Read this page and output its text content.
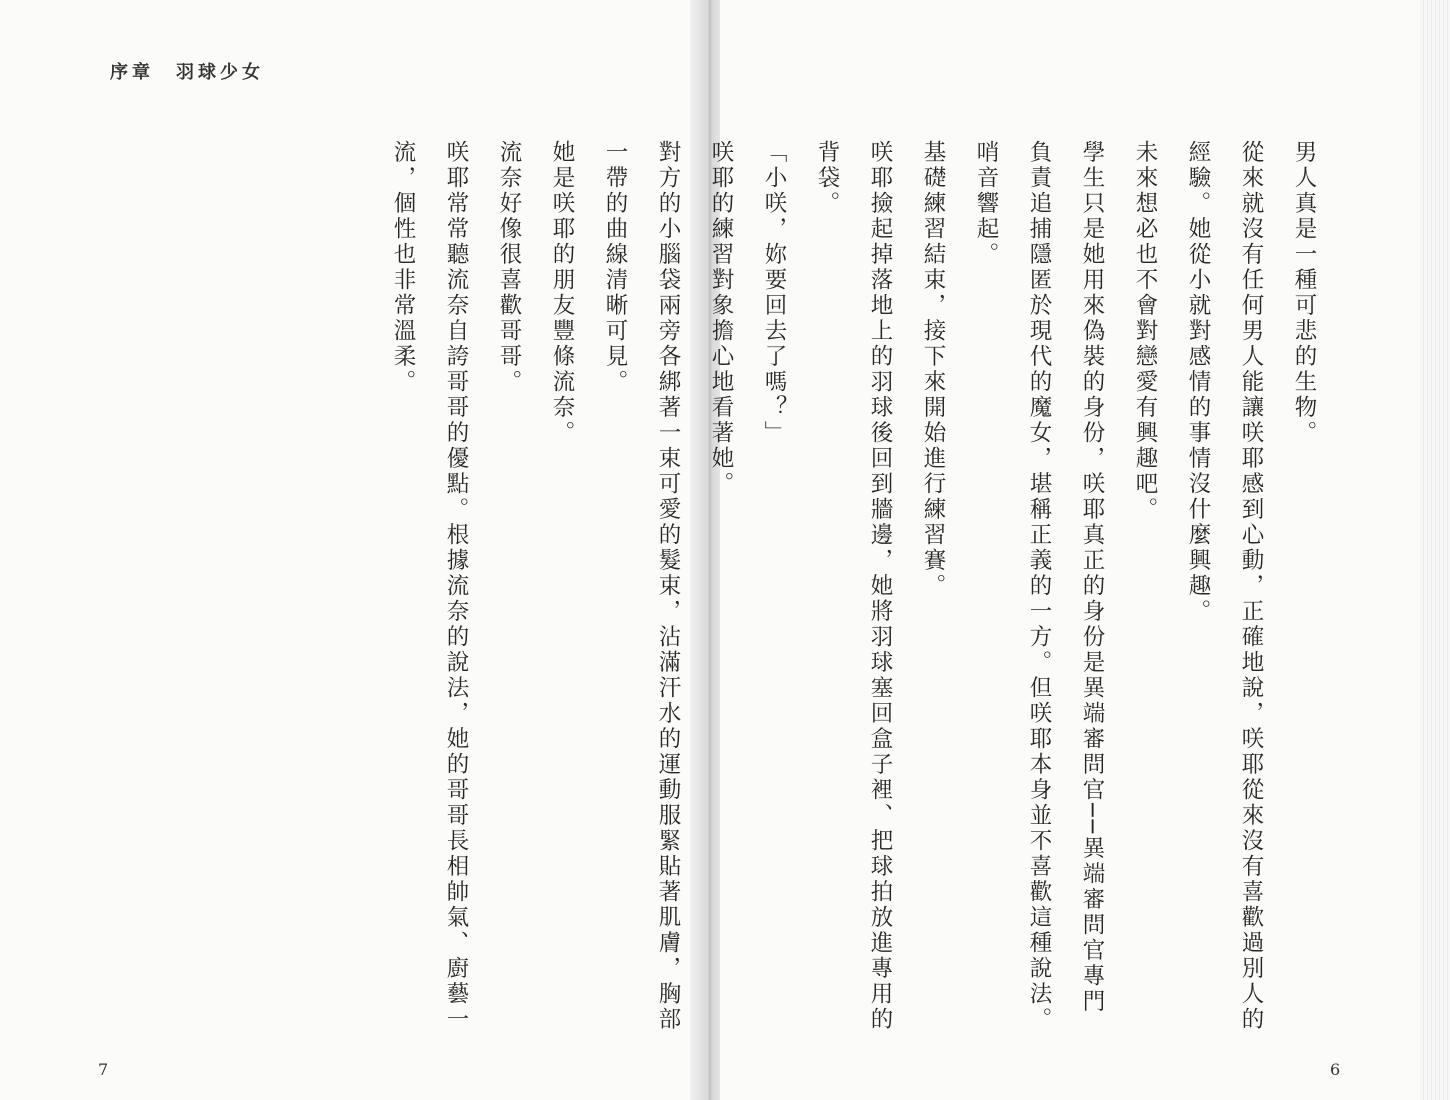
序章　羽球少女
7
男人真是一種可悲的生物。
從來就沒有任何男人能讓咲耶感到心動，正確地說，咲耶從來沒有喜歡過別人的經驗。她從小就對感情的事情沒什麼興趣。
未來想必也不會對戀愛有興趣吧。
學生只是她用來偽裝的身份，咲耶真正的身份是異端審問官──異端審問官專門負責追捕隱匿於現代的魔女，堪稱正義的一方。但咲耶本身並不喜歡這種說法。
哨音響起。
基礎練習結束，接下來開始進行練習賽。
咲耶撿起掉落地上的羽球後回到牆邊，她將羽球塞回盒子裡、把球拍放進專用的背袋。
「小咲，妳要回去了嗎？」
咲耶的練習對象擔心地看著她。
對方的小腦袋兩旁各綁著一束可愛的髮束，沾滿汗水的運動服緊貼著肌膚，胸部一帶的曲線清晰可見。
她是咲耶的朋友豐條流奈。
流奈好像很喜歡哥哥。
咲耶常常聽流奈自誇哥哥的優點。根據流奈的說法，她的哥哥長相帥氣、廚藝一流，個性也非常溫柔。
6
